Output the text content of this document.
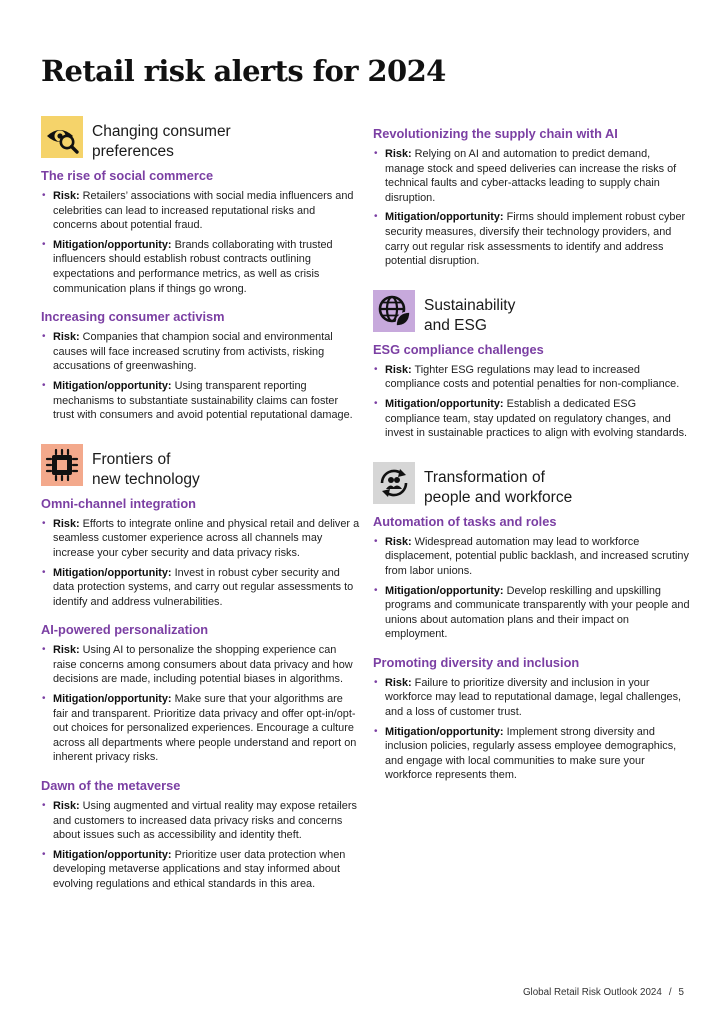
Retail risk alerts for 2024
Changing consumer
preferences
The rise of social commerce
• Risk: Retailers’ associations with social media influencers and celebrities can lead to increased reputational risks and concerns about potential fraud.
• Mitigation/opportunity: Brands collaborating with trusted influencers should establish robust contracts outlining expectations and performance metrics, as well as crisis communication plans if things go wrong.
Increasing consumer activism
• Risk: Companies that champion social and environmental causes will face increased scrutiny from activists, risking accusations of greenwashing.
• Mitigation/opportunity: Using transparent reporting mechanisms to substantiate sustainability claims can foster trust with consumers and avoid potential reputational damage.
Frontiers of
new technology
Omni-channel integration
• Risk: Efforts to integrate online and physical retail and deliver a seamless customer experience across all channels may increase your cyber security and data privacy risks.
• Mitigation/opportunity: Invest in robust cyber security and data protection systems, and carry out regular assessments to identify and address vulnerabilities.
AI-powered personalization
• Risk: Using AI to personalize the shopping experience can raise concerns among consumers about data privacy and how decisions are made, including potential biases in algorithms.
• Mitigation/opportunity: Make sure that your algorithms are fair and transparent. Prioritize data privacy and offer opt-in/opt-out choices for personalized experiences. Encourage a culture across all departments where people understand and report on inherent privacy risks.
Dawn of the metaverse
• Risk: Using augmented and virtual reality may expose retailers and customers to increased data privacy risks and concerns about issues such as accessibility and identity theft.
• Mitigation/opportunity: Prioritize user data protection when developing metaverse applications and stay informed about evolving regulations and ethical standards in this area.
Revolutionizing the supply chain with AI
• Risk: Relying on AI and automation to predict demand, manage stock and speed deliveries can increase the risks of technical faults and cyber-attacks leading to supply chain disruption.
• Mitigation/opportunity: Firms should implement robust cyber security measures, diversify their technology providers, and carry out regular risk assessments to identify and address potential disruption.
Sustainability
and ESG
ESG compliance challenges
• Risk: Tighter ESG regulations may lead to increased compliance costs and potential penalties for non-compliance.
• Mitigation/opportunity: Establish a dedicated ESG compliance team, stay updated on regulatory changes, and invest in sustainable practices to align with evolving standards.
Transformation of
people and workforce
Automation of tasks and roles
• Risk: Widespread automation may lead to workforce displacement, potential public backlash, and increased scrutiny from labor unions.
• Mitigation/opportunity: Develop reskilling and upskilling programs and communicate transparently with your people and unions about automation plans and their impact on employment.
Promoting diversity and inclusion
• Risk: Failure to prioritize diversity and inclusion in your workforce may lead to reputational damage, legal challenges, and a loss of customer trust.
• Mitigation/opportunity: Implement strong diversity and inclusion policies, regularly assess employee demographics, and engage with local communities to make sure your workforce represents them.
Global Retail Risk Outlook 2024 / 5
